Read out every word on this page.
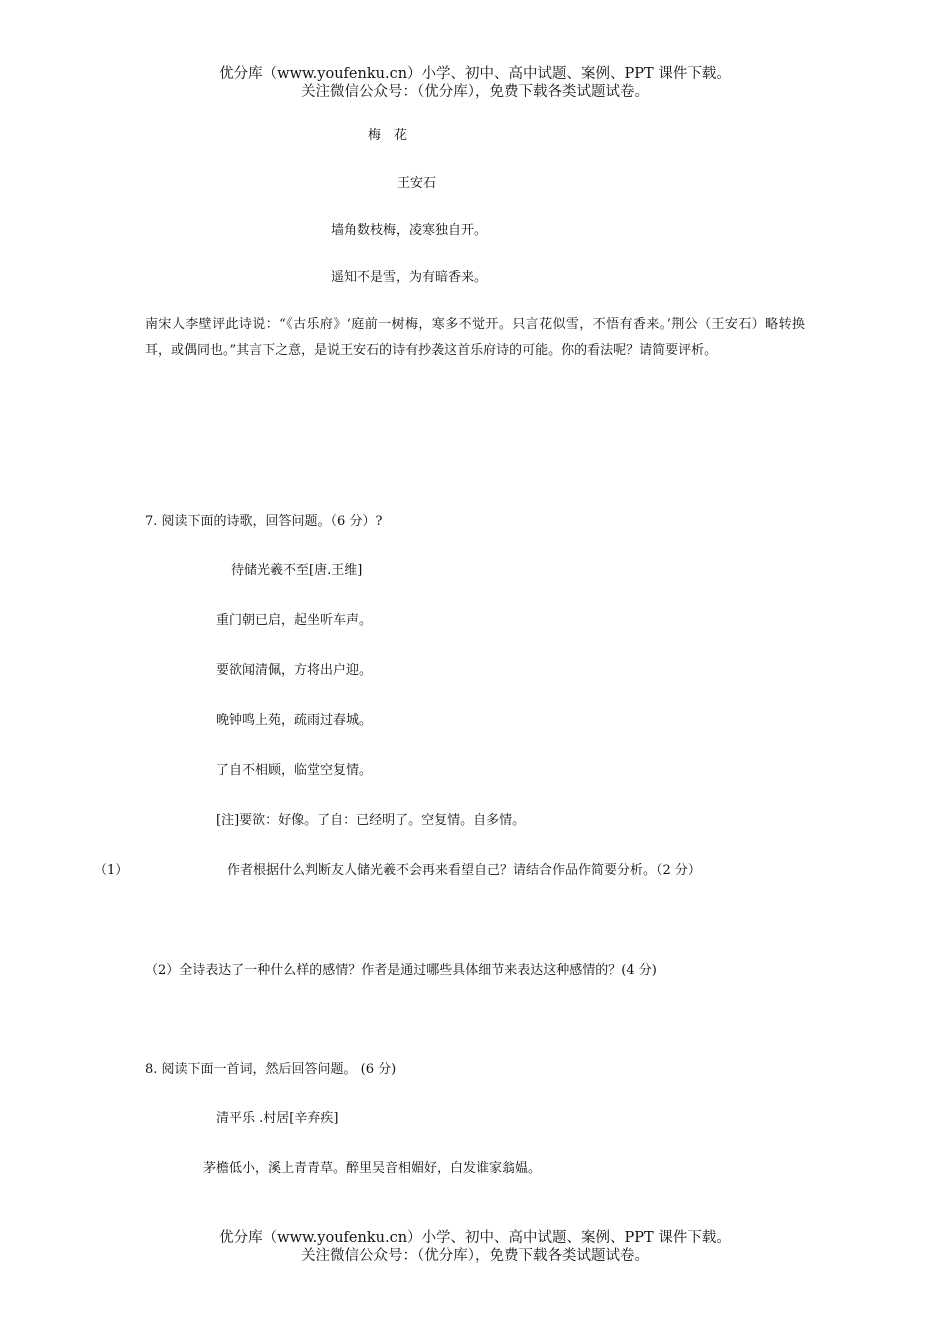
优分库（www.youfenku.cn）小学、初中、高中试题、案例、PPT 课件下载。
关注微信公众号：（优分库），免费下载各类试题试卷。
梅　花
王安石
墙角数枝梅，凌寒独自开。
遥知不是雪，为有暗香来。
南宋人李壁评此诗说：“《古乐府》‘庭前一树梅，寒多不觉开。只言花似雪，不悟有香来。’荆公（王安石）略转换耳，或偶同也。”其言下之意，是说王安石的诗有抄袭这首乐府诗的可能。你的看法呢？请简要评析。
7. 阅读下面的诗歌，回答问题。（6 分）?
待储光羲不至[唐.王维]
重门朝已启，起坐听车声。
要欲闻清佩，方将出户迎。
晚钟鸣上苑，疏雨过春城。
了自不相顾，临堂空复情。
[注]要欲：好像。了自：已经明了。空复情。自多情。
（1）	作者根据什么判断友人储光羲不会再来看望自己？请结合作品作简要分析。（2 分）
（2）全诗表达了一种什么样的感情？作者是通过哪些具体细节来表达这种感情的？(4 分)
8. 阅读下面一首词，然后回答问题。 (6 分)
清平乐 .村居[辛弃疾]
茅檐低小，溪上青青草。醉里吴音相媚好，白发谁家翁媪。
优分库（www.youfenku.cn）小学、初中、高中试题、案例、PPT 课件下载。
关注微信公众号：（优分库），免费下载各类试题试卷。
